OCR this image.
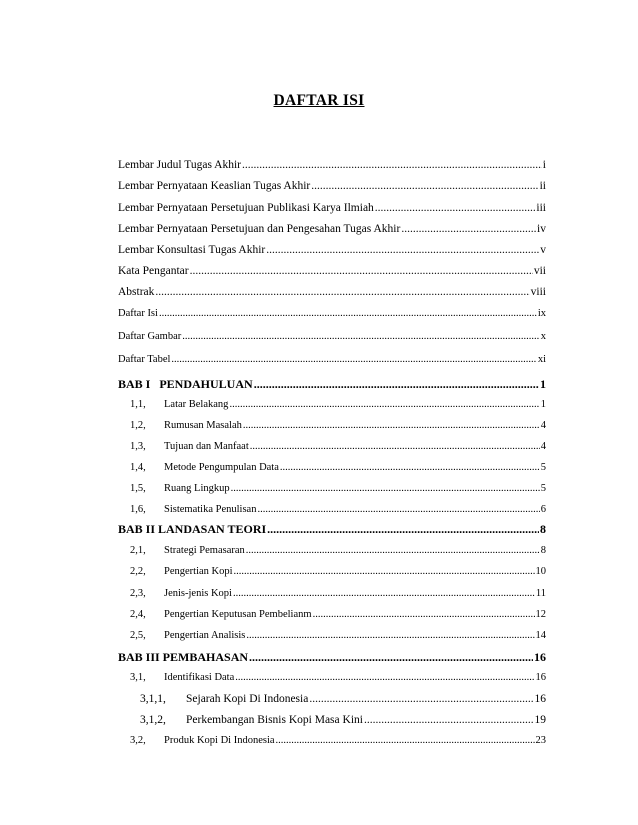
DAFTAR ISI
Lembar Judul Tugas Akhir .....	i
Lembar Pernyataan Keaslian Tugas Akhir .....	ii
Lembar Pernyataan Persetujuan Publikasi Karya Ilmiah .....	iii
Lembar Pernyataan Persetujuan dan Pengesahan Tugas Akhir .....	iv
Lembar Konsultasi Tugas Akhir .....	v
Kata Pengantar .....	vii
Abstrak .....	viii
Daftar Isi .....	ix
Daftar Gambar .....	x
Daftar Tabel .....	xi
BAB I   PENDAHULUAN .....	1
1,1,	Latar Belakang .....	1
1,2,	Rumusan Masalah .....	4
1,3,	Tujuan dan Manfaat .....	4
1,4,	Metode Pengumpulan Data .....	5
1,5,	Ruang Lingkup .....	5
1,6,	Sistematika Penulisan .....	6
BAB II LANDASAN TEORI .....	8
2,1,	Strategi Pemasaran .....	8
2,2,	Pengertian Kopi .....	10
2,3,	Jenis-jenis Kopi .....	11
2,4,	Pengertian Keputusan Pembelianm .....	12
2,5,	Pengertian Analisis .....	14
BAB III PEMBAHASAN .....	16
3,1,	Identifikasi Data .....	16
3,1,1,	Sejarah Kopi Di Indonesia .....	16
3,1,2,	Perkembangan Bisnis Kopi Masa Kini .....	19
3,2,	Produk Kopi Di Indonesia .....	23
